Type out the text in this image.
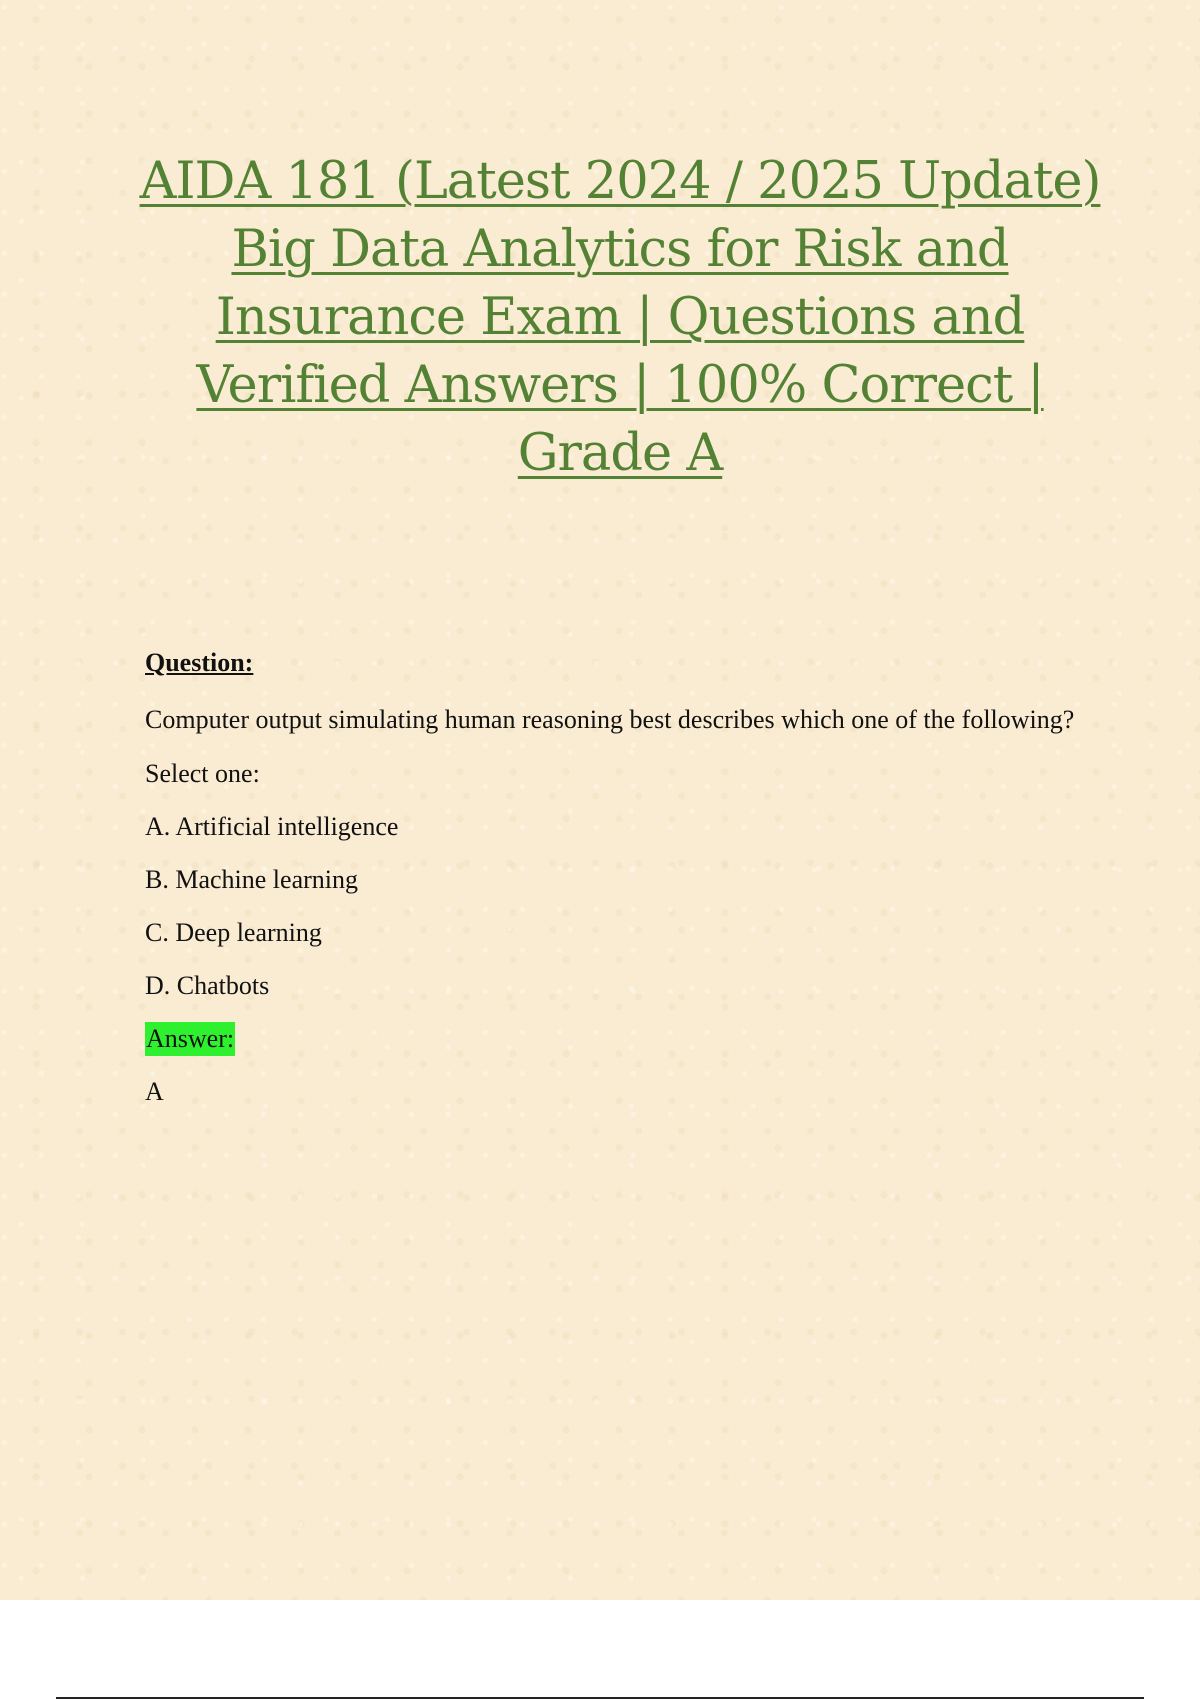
AIDA 181 (Latest 2024 / 2025 Update) Big Data Analytics for Risk and Insurance Exam | Questions and Verified Answers | 100% Correct | Grade A

Question:

Computer output simulating human reasoning best describes which one of the following?

Select one:

A. Artificial intelligence

B. Machine learning

C. Deep learning

D. Chatbots

Answer:

A
